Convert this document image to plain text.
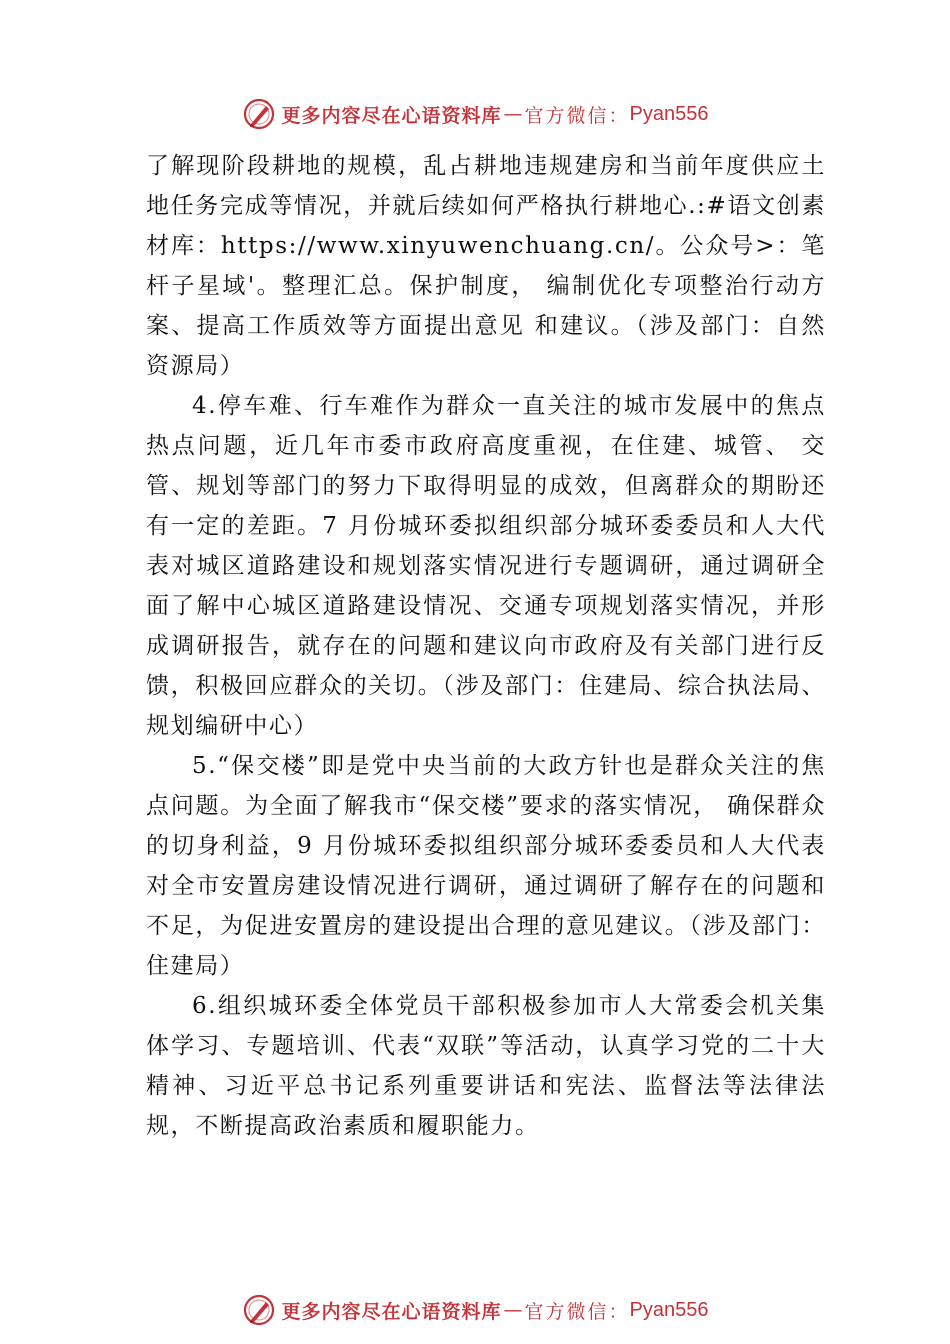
更多内容尽在心语资料库 — 官方微信： Pyan556

了解现阶段耕地的规模，乱占耕地违规建房和当前年度供应土地任务完成等情况，并就后续如何严格执行耕地心.:#语文创素材库：https://www.xinyuwenchuang.cn/。公众号>：笔杆子星域'。整理汇总。保护制度， 编制优化专项整治行动方案、提高工作质效等方面提出意见 和建议。（涉及部门：自然资源局）

4.停车难、行车难作为群众一直关注的城市发展中的焦点热点问题，近几年市委市政府高度重视，在住建、城管、 交管、规划等部门的努力下取得明显的成效，但离群众的期盼还有一定的差距。7 月份城环委拟组织部分城环委委员和人大代表对城区道路建设和规划落实情况进行专题调研，通过调研全面了解中心城区道路建设情况、交通专项规划落实情况，并形成调研报告，就存在的问题和建议向市政府及有关部门进行反馈，积极回应群众的关切。（涉及部门：住建局、综合执法局、规划编研中心）

5.“保交楼”即是党中央当前的大政方针也是群众关注的焦点问题。为全面了解我市“保交楼”要求的落实情况， 确保群众的切身利益，9 月份城环委拟组织部分城环委委员和人大代表对全市安置房建设情况进行调研，通过调研了解存在的问题和不足，为促进安置房的建设提出合理的意见建议。（涉及部门：住建局）

6.组织城环委全体党员干部积极参加市人大常委会机关集体学习、专题培训、代表“双联”等活动，认真学习党的二十大精神、习近平总书记系列重要讲话和宪法、监督法等法律法规，不断提高政治素质和履职能力。

更多内容尽在心语资料库 — 官方微信： Pyan556
